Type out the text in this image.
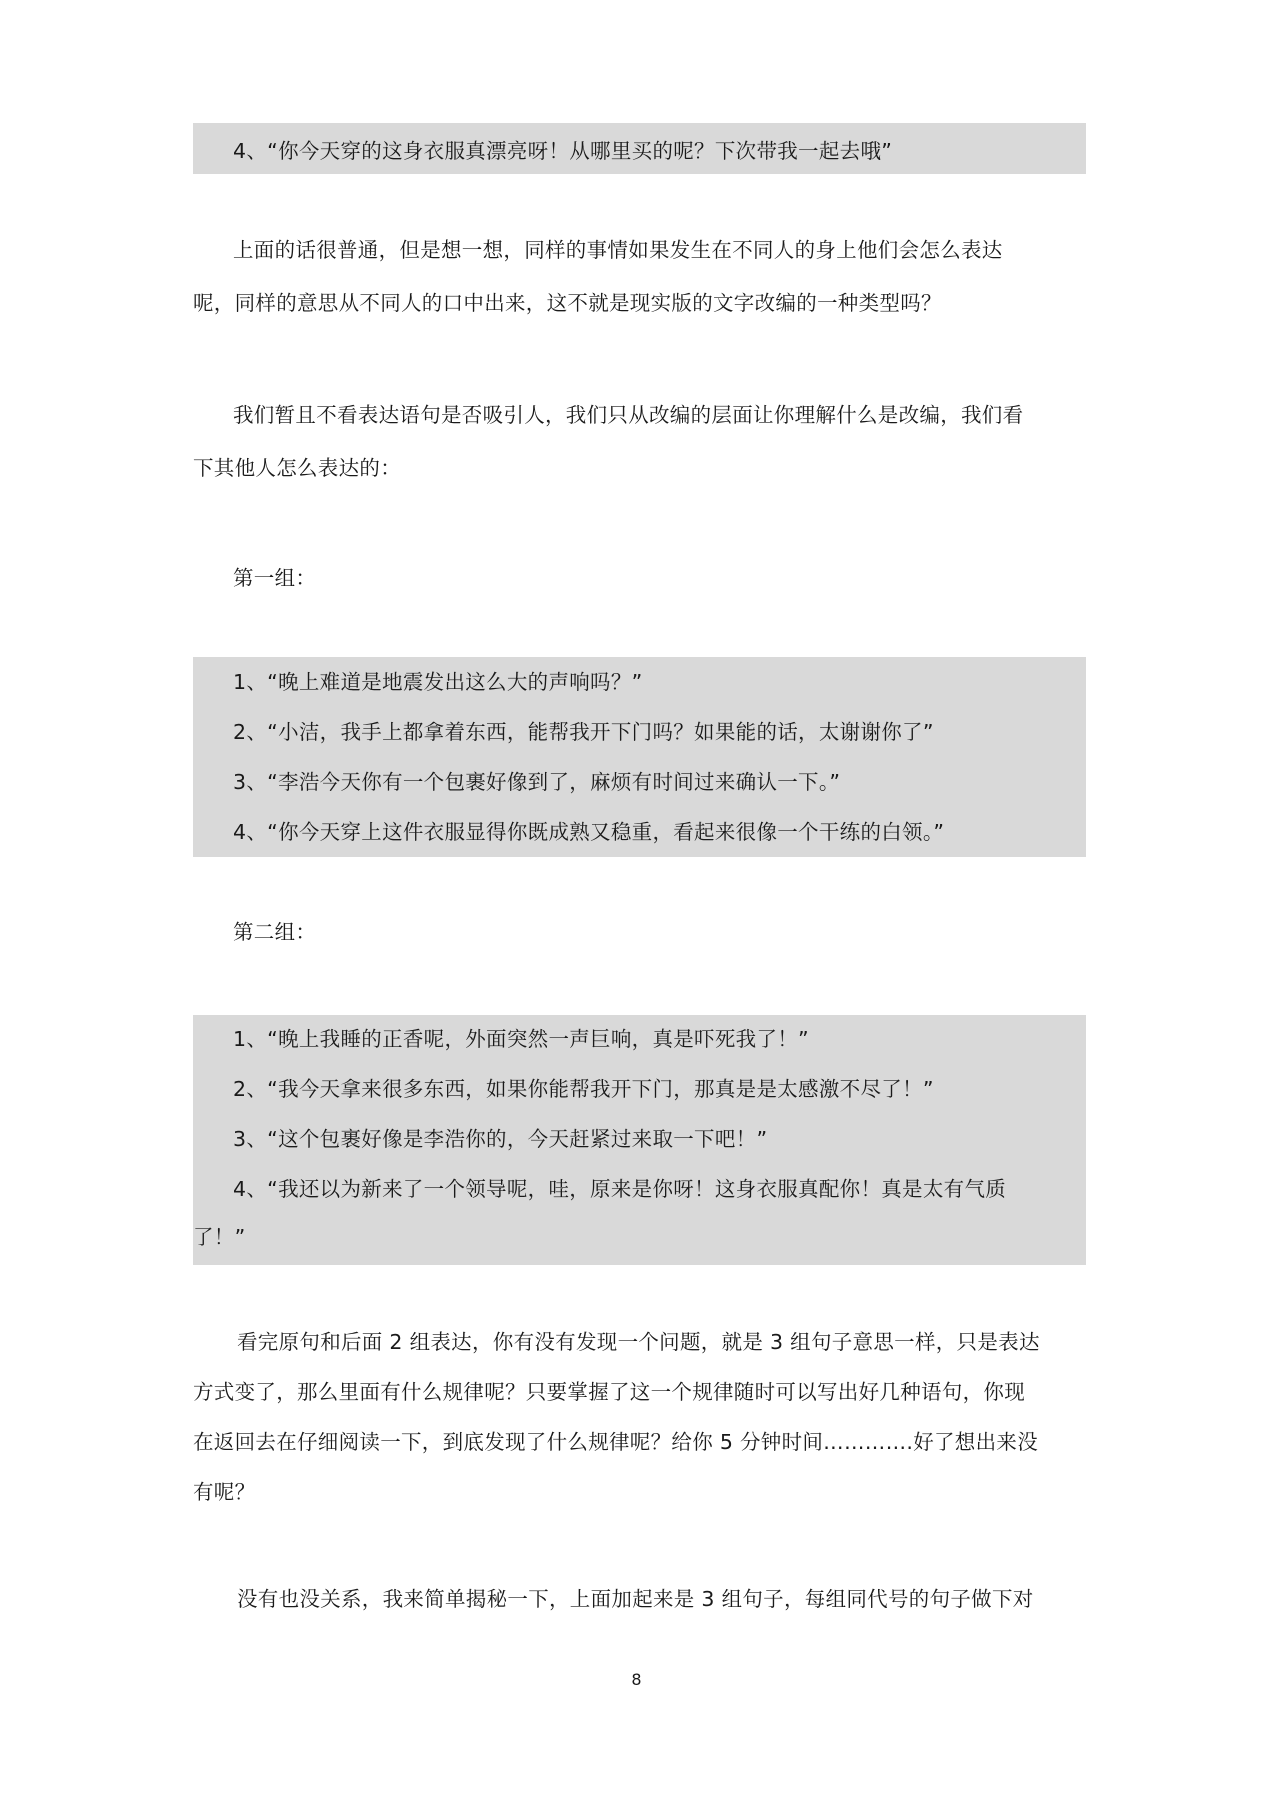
4、“你今天穿的这身衣服真漂亮呀！从哪里买的呢？下次带我一起去哦”
上面的话很普通，但是想一想，同样的事情如果发生在不同人的身上他们会怎么表达
呢，同样的意思从不同人的口中出来，这不就是现实版的文字改编的一种类型吗？
我们暂且不看表达语句是否吸引人，我们只从改编的层面让你理解什么是改编，我们看
下其他人怎么表达的：
第一组：
1、“晚上难道是地震发出这么大的声响吗？”
2、“小洁，我手上都拿着东西，能帮我开下门吗？如果能的话，太谢谢你了”
3、“李浩今天你有一个包裹好像到了，麻烦有时间过来确认一下。”
4、“你今天穿上这件衣服显得你既成熟又稳重，看起来很像一个干练的白领。”
第二组：
1、“晚上我睡的正香呢，外面突然一声巨响，真是吓死我了！”
2、“我今天拿来很多东西，如果你能帮我开下门，那真是是太感激不尽了！”
3、“这个包裹好像是李浩你的，今天赶紧过来取一下吧！”
4、“我还以为新来了一个领导呢，哇，原来是你呀！这身衣服真配你！真是太有气质
了！”
看完原句和后面 2 组表达，你有没有发现一个问题，就是 3 组句子意思一样，只是表达
方式变了，那么里面有什么规律呢？只要掌握了这一个规律随时可以写出好几种语句，你现
在返回去在仔细阅读一下，到底发现了什么规律呢？给你 5 分钟时间………….好了想出来没
有呢？
没有也没关系，我来简单揭秘一下，上面加起来是 3 组句子，每组同代号的句子做下对
8
